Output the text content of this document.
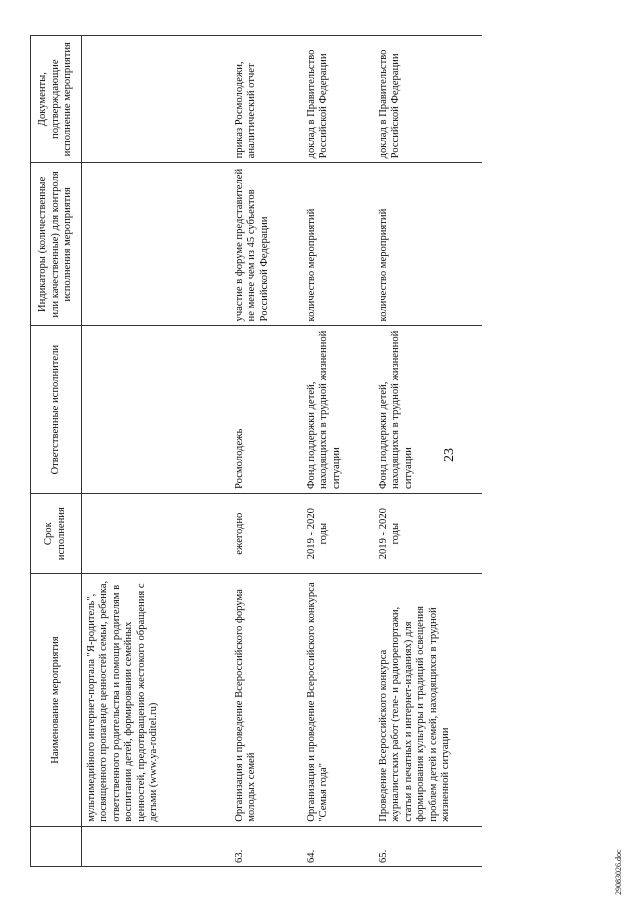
23
	Наименование мероприятия	Срок исполнения	Ответственные исполнители	Индикаторы (количественные или качественные) для контроля исполнения мероприятия	Документы, подтверждающие исполнение мероприятия
	мультимедийного интернет-портала "Я-родитель", посвященного пропаганде ценностей семьи, ребенка, ответственного родительства и помощи родителям в воспитании детей, формировании семейных ценностей, предотвращению жестокого обращения с детьми (www.ya-roditel.ru)				
63.	Организация и проведение Всероссийского форума молодых семей	ежегодно	Росмолодежь	участие в форуме представителей не менее чем из 45 субъектов Российской Федерации	приказ Росмолодежи, аналитический отчет
64.	Организация и проведение Всероссийского конкурса "Семья года"	2019 - 2020 годы	Фонд поддержки детей, находящихся в трудной жизненной ситуации	количество мероприятий	доклад в Правительство Российской Федерации
65.	Проведение Всероссийского конкурса журналистских работ (теле- и радиорепортажи, статьи в печатных и интернет-изданиях) для формирования культуры и традиций освещения проблем детей и семей, находящихся в трудной жизненной ситуации	2019 - 2020 годы	Фонд поддержки детей, находящихся в трудной жизненной ситуации	количество мероприятий	доклад в Правительство Российской Федерации
29083026.doc
